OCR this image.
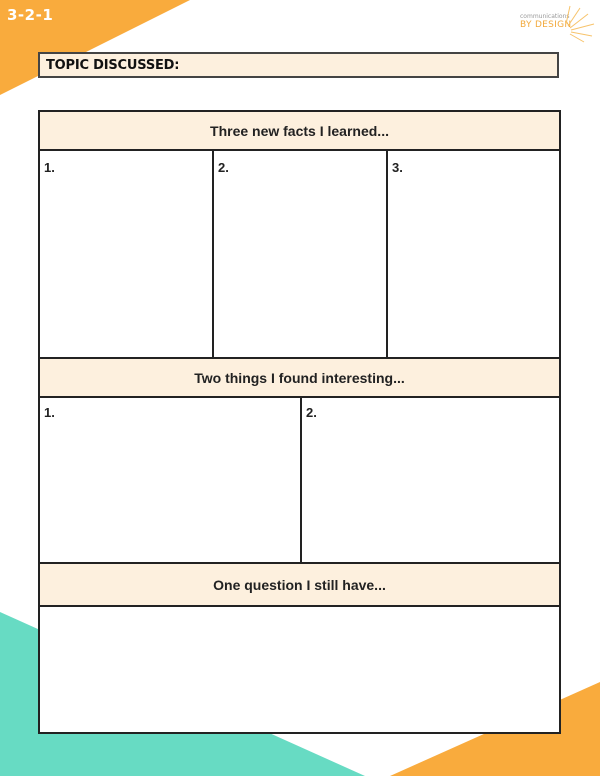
3-2-1	communications
BY DESIGN
TOPIC DISCUSSED:
Three new facts I learned...
1.	2.	3.
Two things I found interesting...
1.	2.
One question I still have...
